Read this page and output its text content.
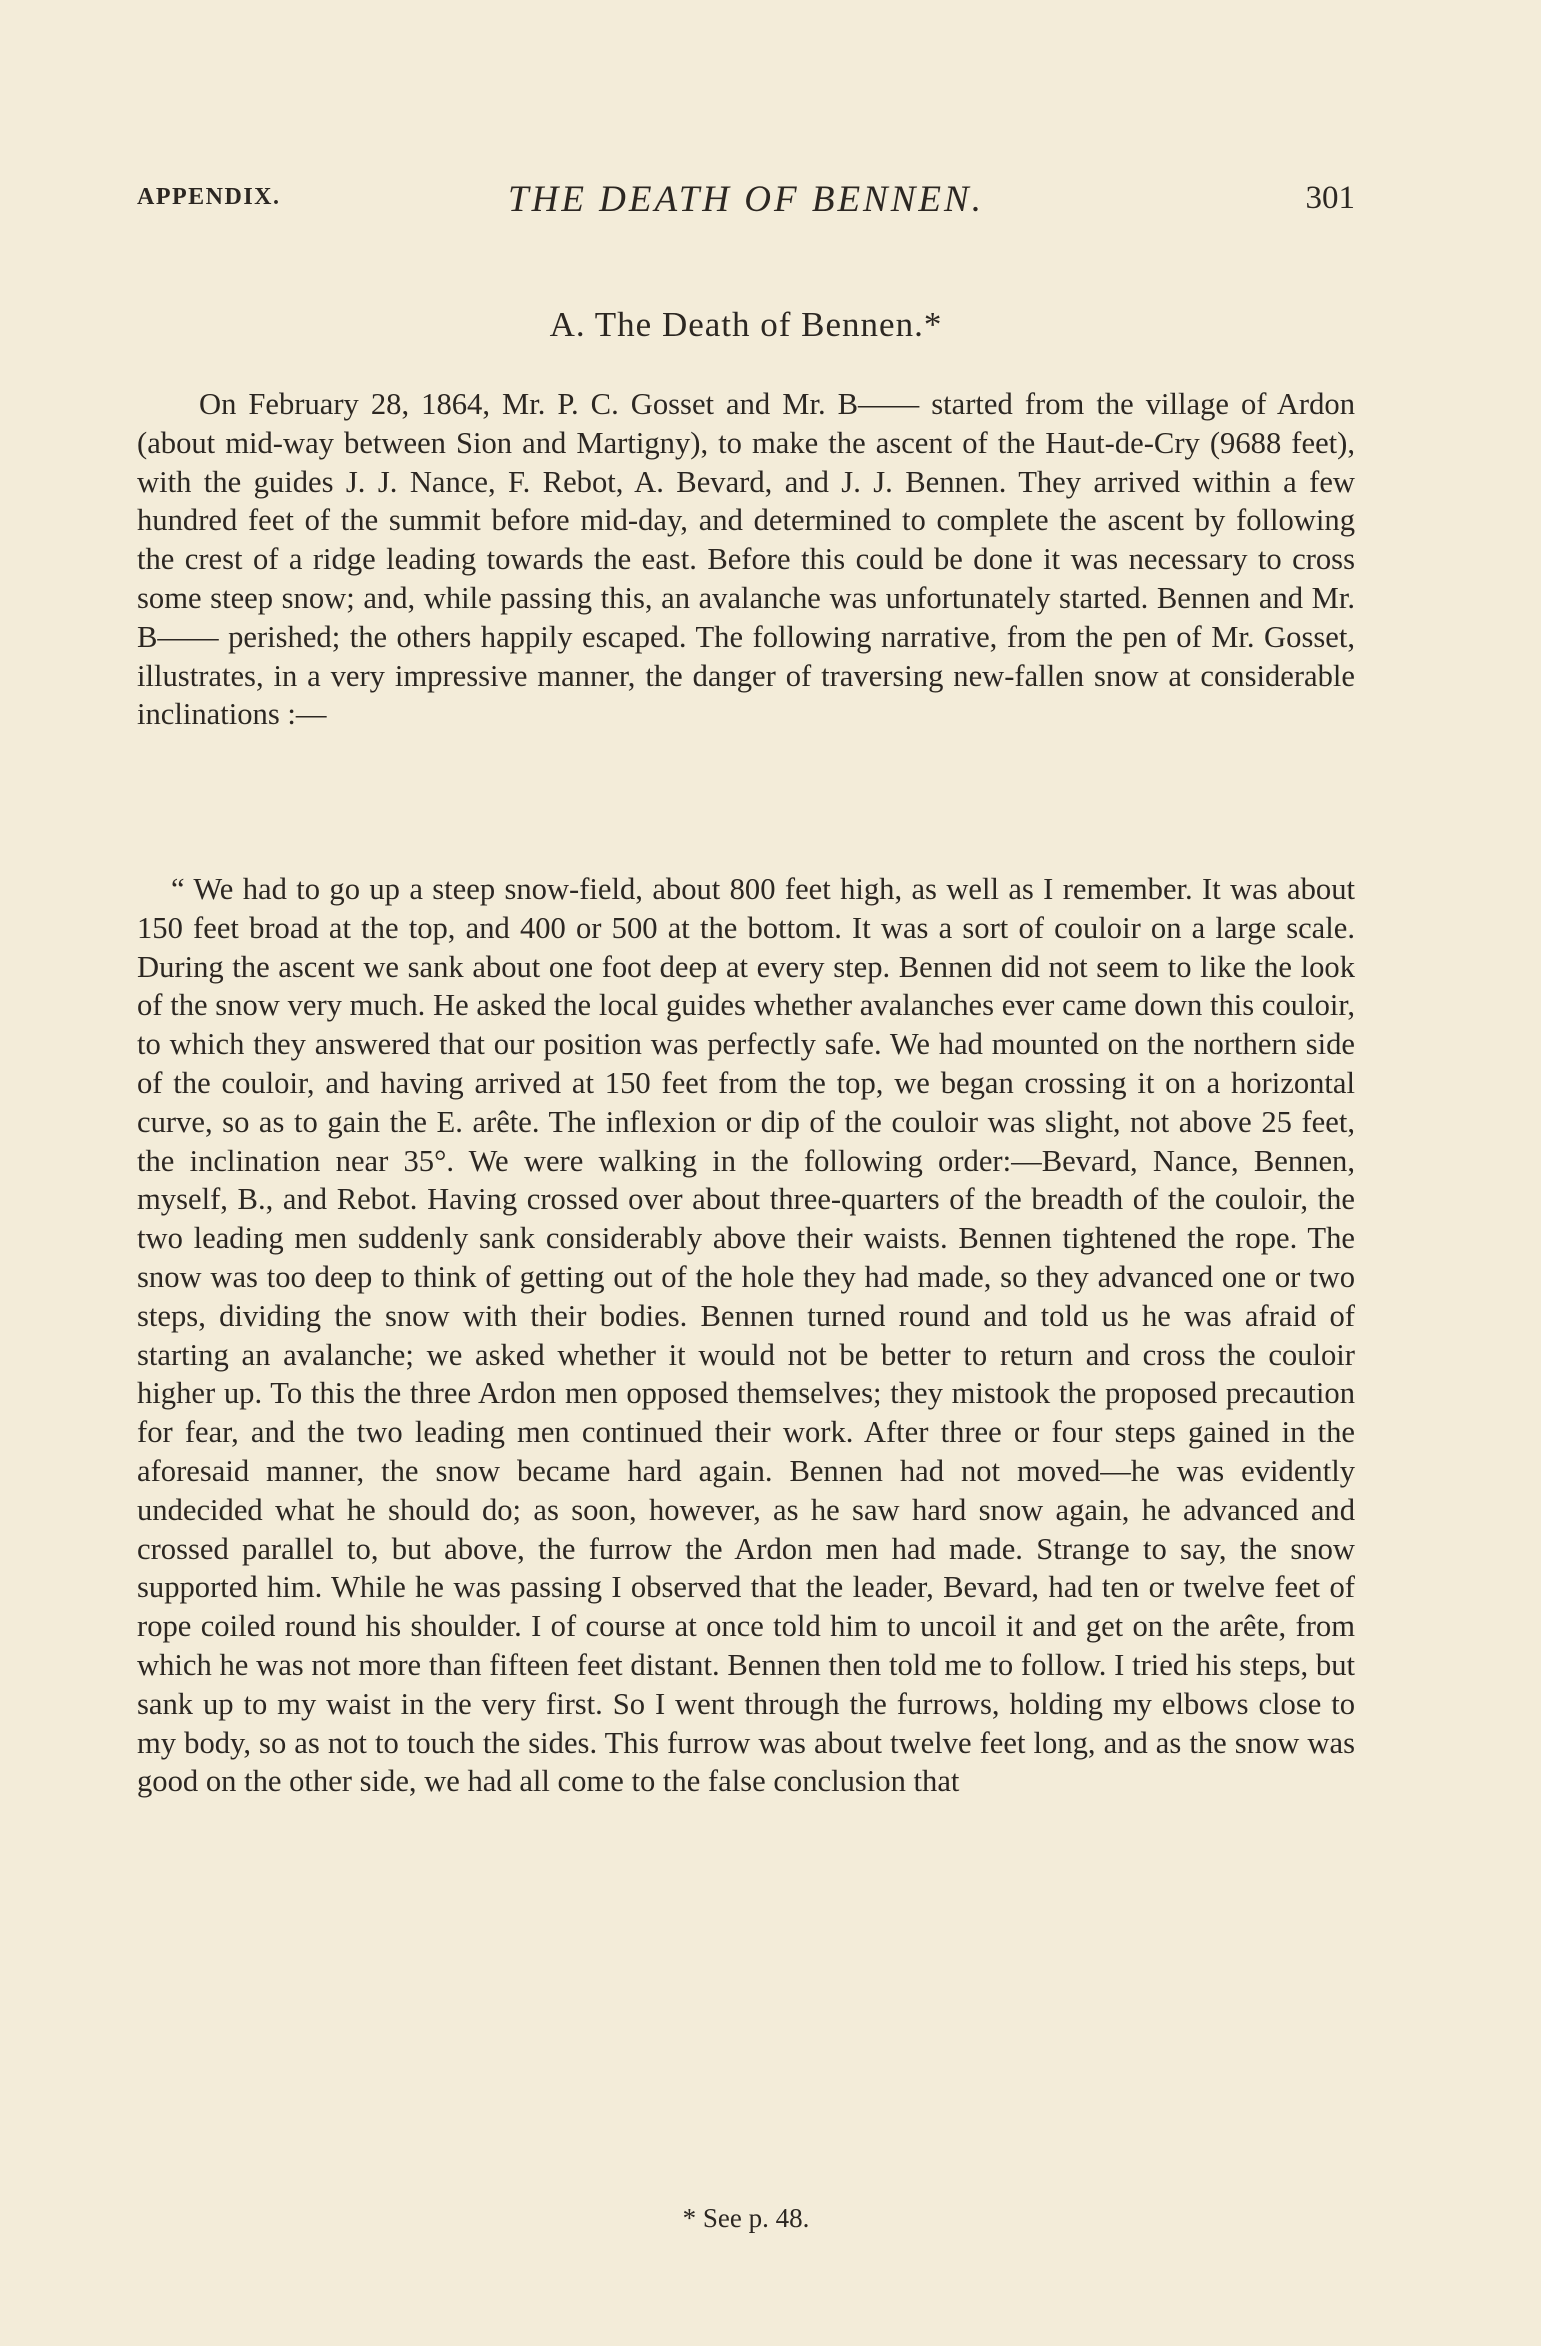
APPENDIX.	THE DEATH OF BENNEN.	301
A. The Death of Bennen.*

On February 28, 1864, Mr. P. C. Gosset and Mr. B—— started from the village of Ardon (about mid-way between Sion and Martigny), to make the ascent of the Haut-de-Cry (9688 feet), with the guides J. J. Nance, F. Rebot, A. Bevard, and J. J. Bennen. They arrived within a few hundred feet of the summit before mid-day, and determined to complete the ascent by following the crest of a ridge leading towards the east. Before this could be done it was necessary to cross some steep snow; and, while passing this, an avalanche was unfortunately started. Bennen and Mr. B—— perished; the others happily escaped. The following narrative, from the pen of Mr. Gosset, illustrates, in a very impressive manner, the danger of traversing new-fallen snow at considerable inclinations :—

“ We had to go up a steep snow-field, about 800 feet high, as well as I remember. It was about 150 feet broad at the top, and 400 or 500 at the bottom. It was a sort of couloir on a large scale. During the ascent we sank about one foot deep at every step. Bennen did not seem to like the look of the snow very much. He asked the local guides whether avalanches ever came down this couloir, to which they answered that our position was perfectly safe. We had mounted on the northern side of the couloir, and having arrived at 150 feet from the top, we began crossing it on a horizontal curve, so as to gain the E. arête. The inflexion or dip of the couloir was slight, not above 25 feet, the inclination near 35°. We were walking in the following order:—Bevard, Nance, Bennen, myself, B., and Rebot. Having crossed over about three-quarters of the breadth of the couloir, the two leading men suddenly sank considerably above their waists. Bennen tightened the rope. The snow was too deep to think of getting out of the hole they had made, so they advanced one or two steps, dividing the snow with their bodies. Bennen turned round and told us he was afraid of starting an avalanche; we asked whether it would not be better to return and cross the couloir higher up. To this the three Ardon men opposed themselves; they mistook the proposed precaution for fear, and the two leading men continued their work. After three or four steps gained in the aforesaid manner, the snow became hard again. Bennen had not moved—he was evidently undecided what he should do; as soon, however, as he saw hard snow again, he advanced and crossed parallel to, but above, the furrow the Ardon men had made. Strange to say, the snow supported him. While he was passing I observed that the leader, Bevard, had ten or twelve feet of rope coiled round his shoulder. I of course at once told him to uncoil it and get on the arête, from which he was not more than fifteen feet distant. Bennen then told me to follow. I tried his steps, but sank up to my waist in the very first. So I went through the furrows, holding my elbows close to my body, so as not to touch the sides. This furrow was about twelve feet long, and as the snow was good on the other side, we had all come to the false conclusion that

* See p. 48.
